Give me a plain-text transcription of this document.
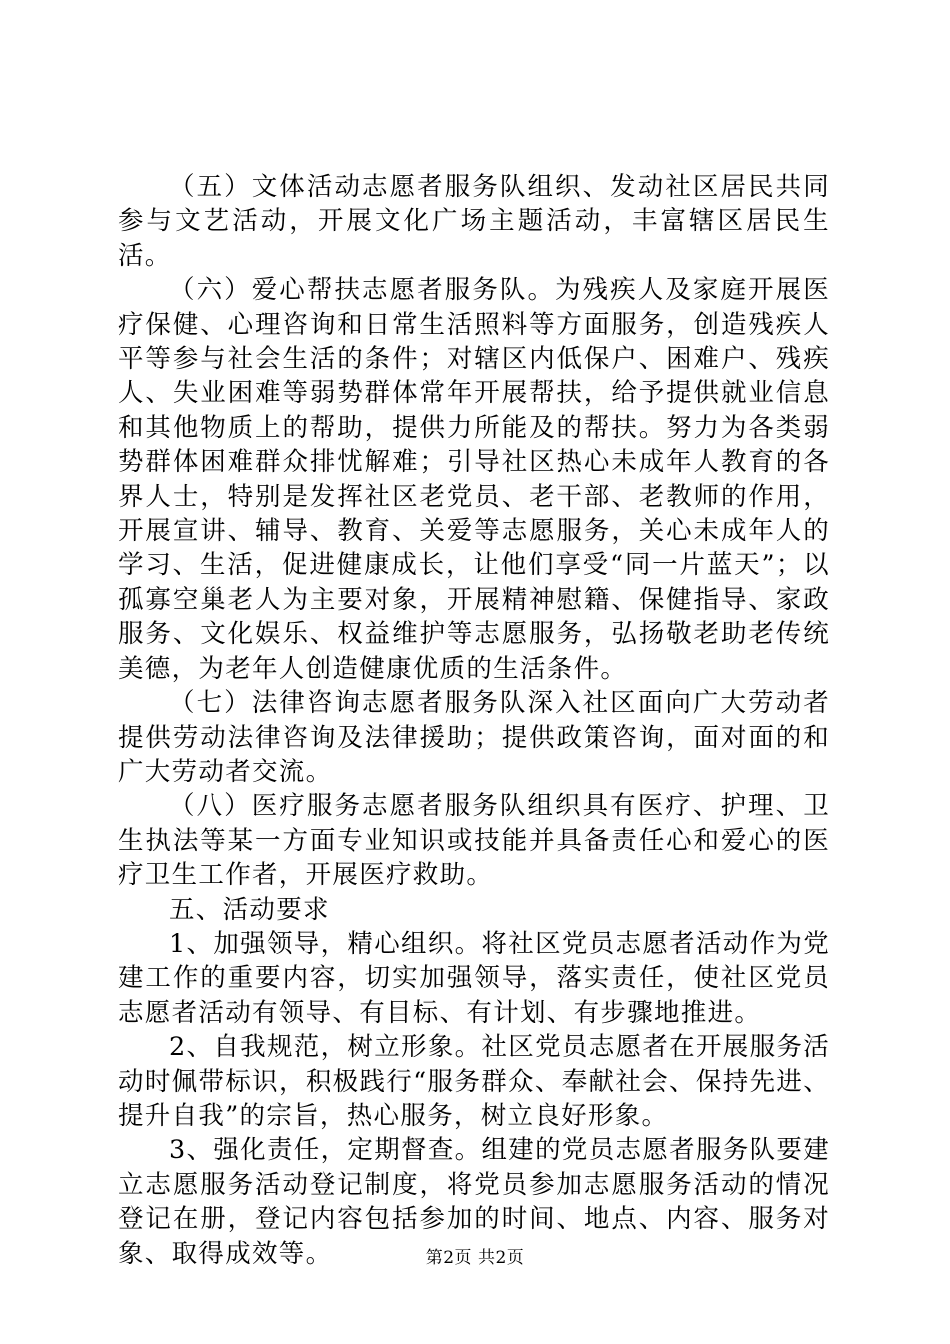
（五）文体活动志愿者服务队组织、发动社区居民共同参与文艺活动，开展文化广场主题活动，丰富辖区居民生活。

（六）爱心帮扶志愿者服务队。为残疾人及家庭开展医疗保健、心理咨询和日常生活照料等方面服务，创造残疾人平等参与社会生活的条件；对辖区内低保户、困难户、残疾人、失业困难等弱势群体常年开展帮扶，给予提供就业信息和其他物质上的帮助，提供力所能及的帮扶。努力为各类弱势群体困难群众排忧解难；引导社区热心未成年人教育的各界人士，特别是发挥社区老党员、老干部、老教师的作用，开展宣讲、辅导、教育、关爱等志愿服务，关心未成年人的学习、生活，促进健康成长，让他们享受“同一片蓝天”；以孤寡空巢老人为主要对象，开展精神慰籍、保健指导、家政服务、文化娱乐、权益维护等志愿服务，弘扬敬老助老传统美德，为老年人创造健康优质的生活条件。

（七）法律咨询志愿者服务队深入社区面向广大劳动者提供劳动法律咨询及法律援助；提供政策咨询，面对面的和广大劳动者交流。

（八）医疗服务志愿者服务队组织具有医疗、护理、卫生执法等某一方面专业知识或技能并具备责任心和爱心的医疗卫生工作者，开展医疗救助。

五、活动要求

1、加强领导，精心组织。将社区党员志愿者活动作为党建工作的重要内容，切实加强领导，落实责任，使社区党员志愿者活动有领导、有目标、有计划、有步骤地推进。

2、自我规范，树立形象。社区党员志愿者在开展服务活动时佩带标识，积极践行“服务群众、奉献社会、保持先进、提升自我”的宗旨，热心服务，树立良好形象。

3、强化责任，定期督查。组建的党员志愿者服务队要建立志愿服务活动登记制度，将党员参加志愿服务活动的情况登记在册，登记内容包括参加的时间、地点、内容、服务对象、取得成效等。	第2页 共2页
